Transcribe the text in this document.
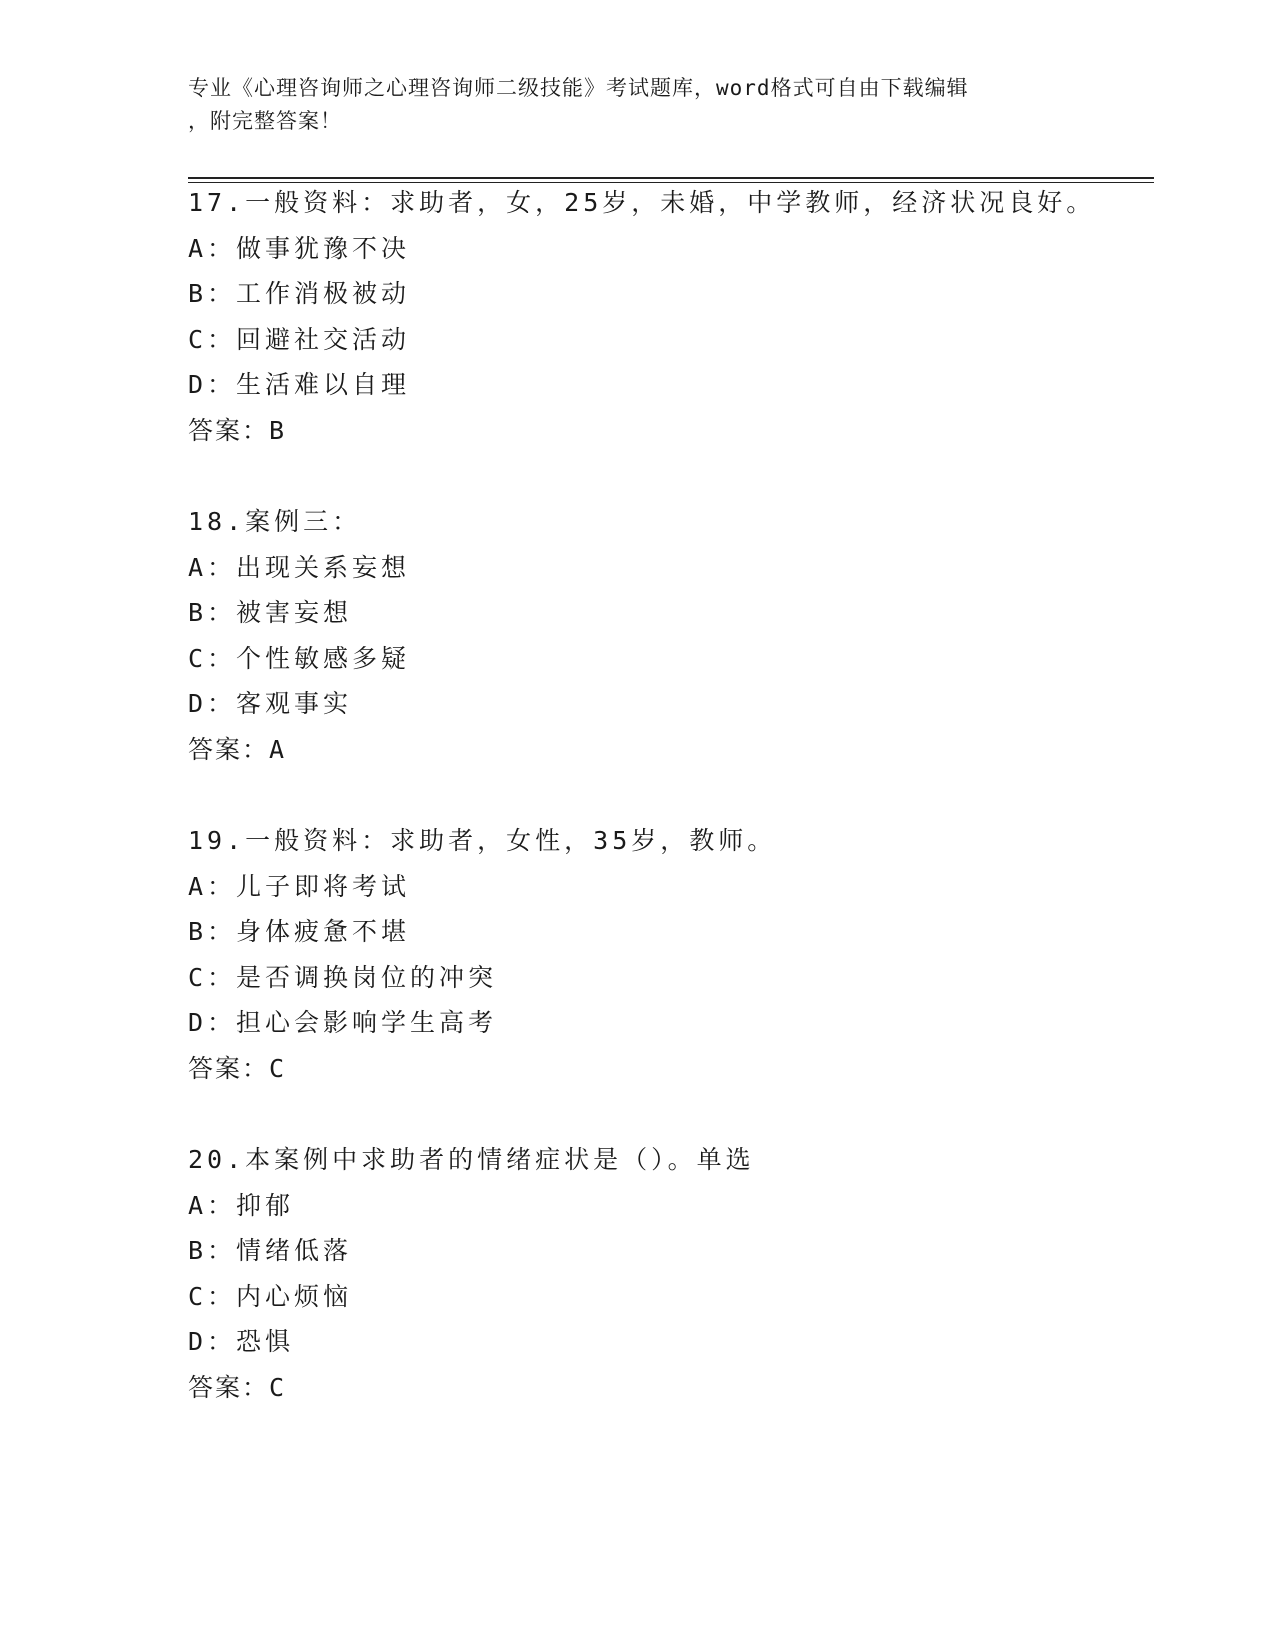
专业《心理咨询师之心理咨询师二级技能》考试题库，word格式可自由下载编辑
，附完整答案！
17.一般资料：求助者，女，25岁，未婚，中学教师，经济状况良好。
A：做事犹豫不决
B：工作消极被动
C：回避社交活动
D：生活难以自理
答案：B
18.案例三：
A：出现关系妄想
B：被害妄想
C：个性敏感多疑
D：客观事实
答案：A
19.一般资料：求助者，女性，35岁，教师。
A：儿子即将考试
B：身体疲惫不堪
C：是否调换岗位的冲突
D：担心会影响学生高考
答案：C
20.本案例中求助者的情绪症状是（）。单选
A：抑郁
B：情绪低落
C：内心烦恼
D：恐惧
答案：C
